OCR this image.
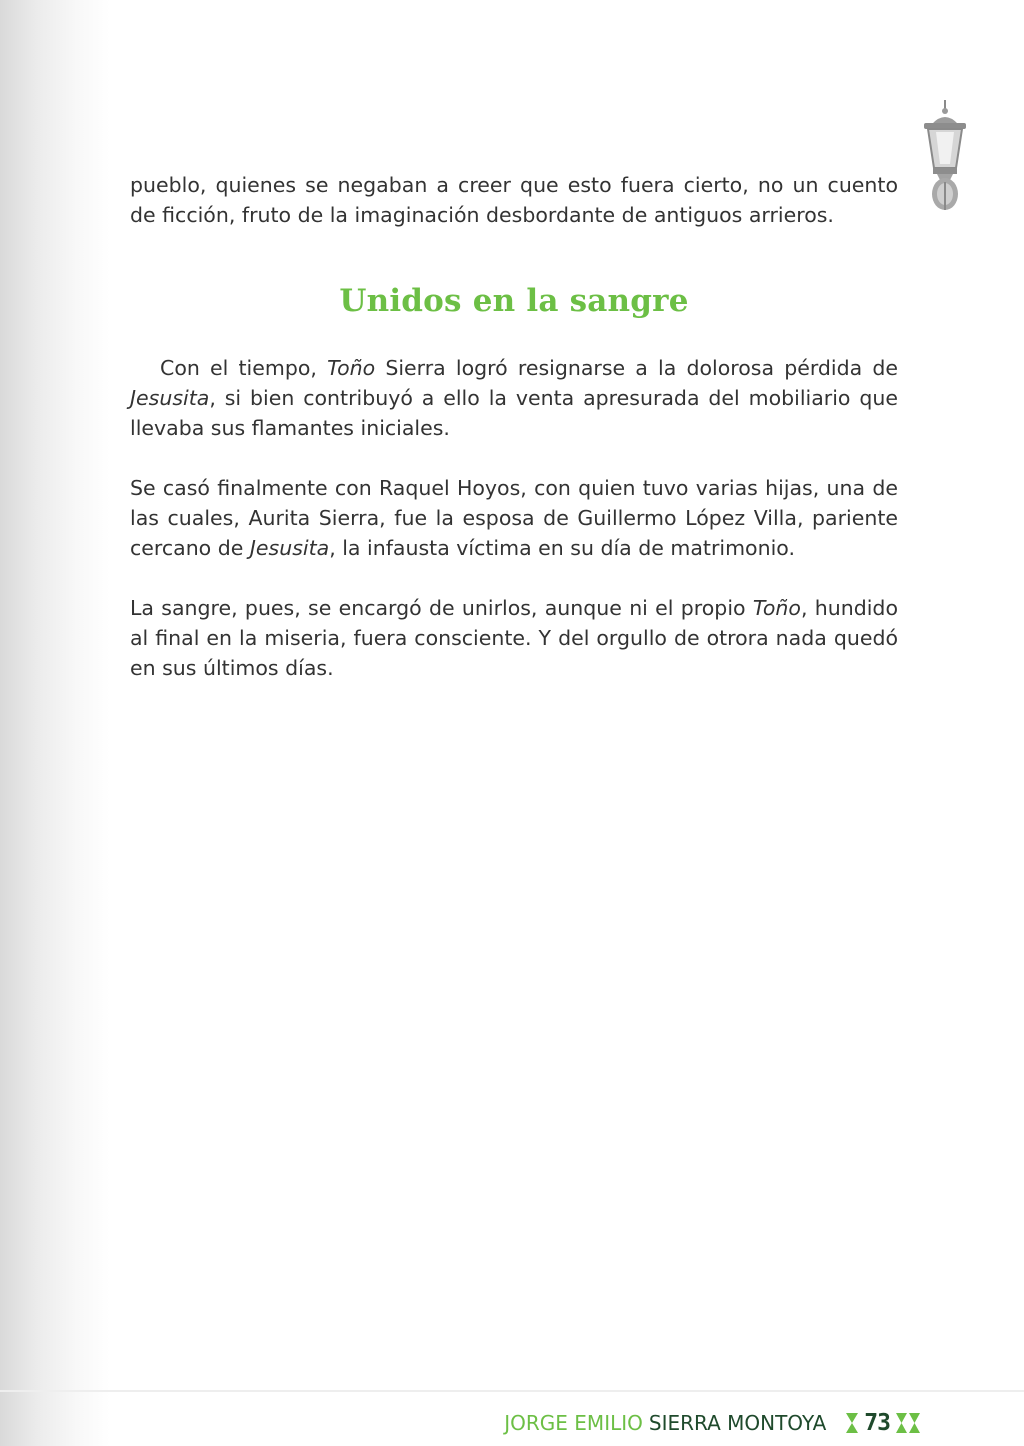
pueblo, quienes se negaban a creer que esto fuera cierto, no un cuento de ficción, fruto de la imaginación desbordante de antiguos arrieros.

Unidos en la sangre

Con el tiempo, Toño Sierra logró resignarse a la dolorosa pérdida de Jesusita, si bien contribuyó a ello la venta apresurada del mobiliario que llevaba sus flamantes iniciales.

Se casó finalmente con Raquel Hoyos, con quien tuvo varias hijas, una de las cuales, Aurita Sierra, fue la esposa de Guillermo López Villa, pariente cercano de Jesusita, la infausta víctima en su día de matrimonio.

La sangre, pues, se encargó de unirlos, aunque ni el propio Toño, hundido al final en la miseria, fuera consciente. Y del orgullo de otrora nada quedó en sus últimos días.

JORGE EMILIO SIERRA MONTOYA 73
